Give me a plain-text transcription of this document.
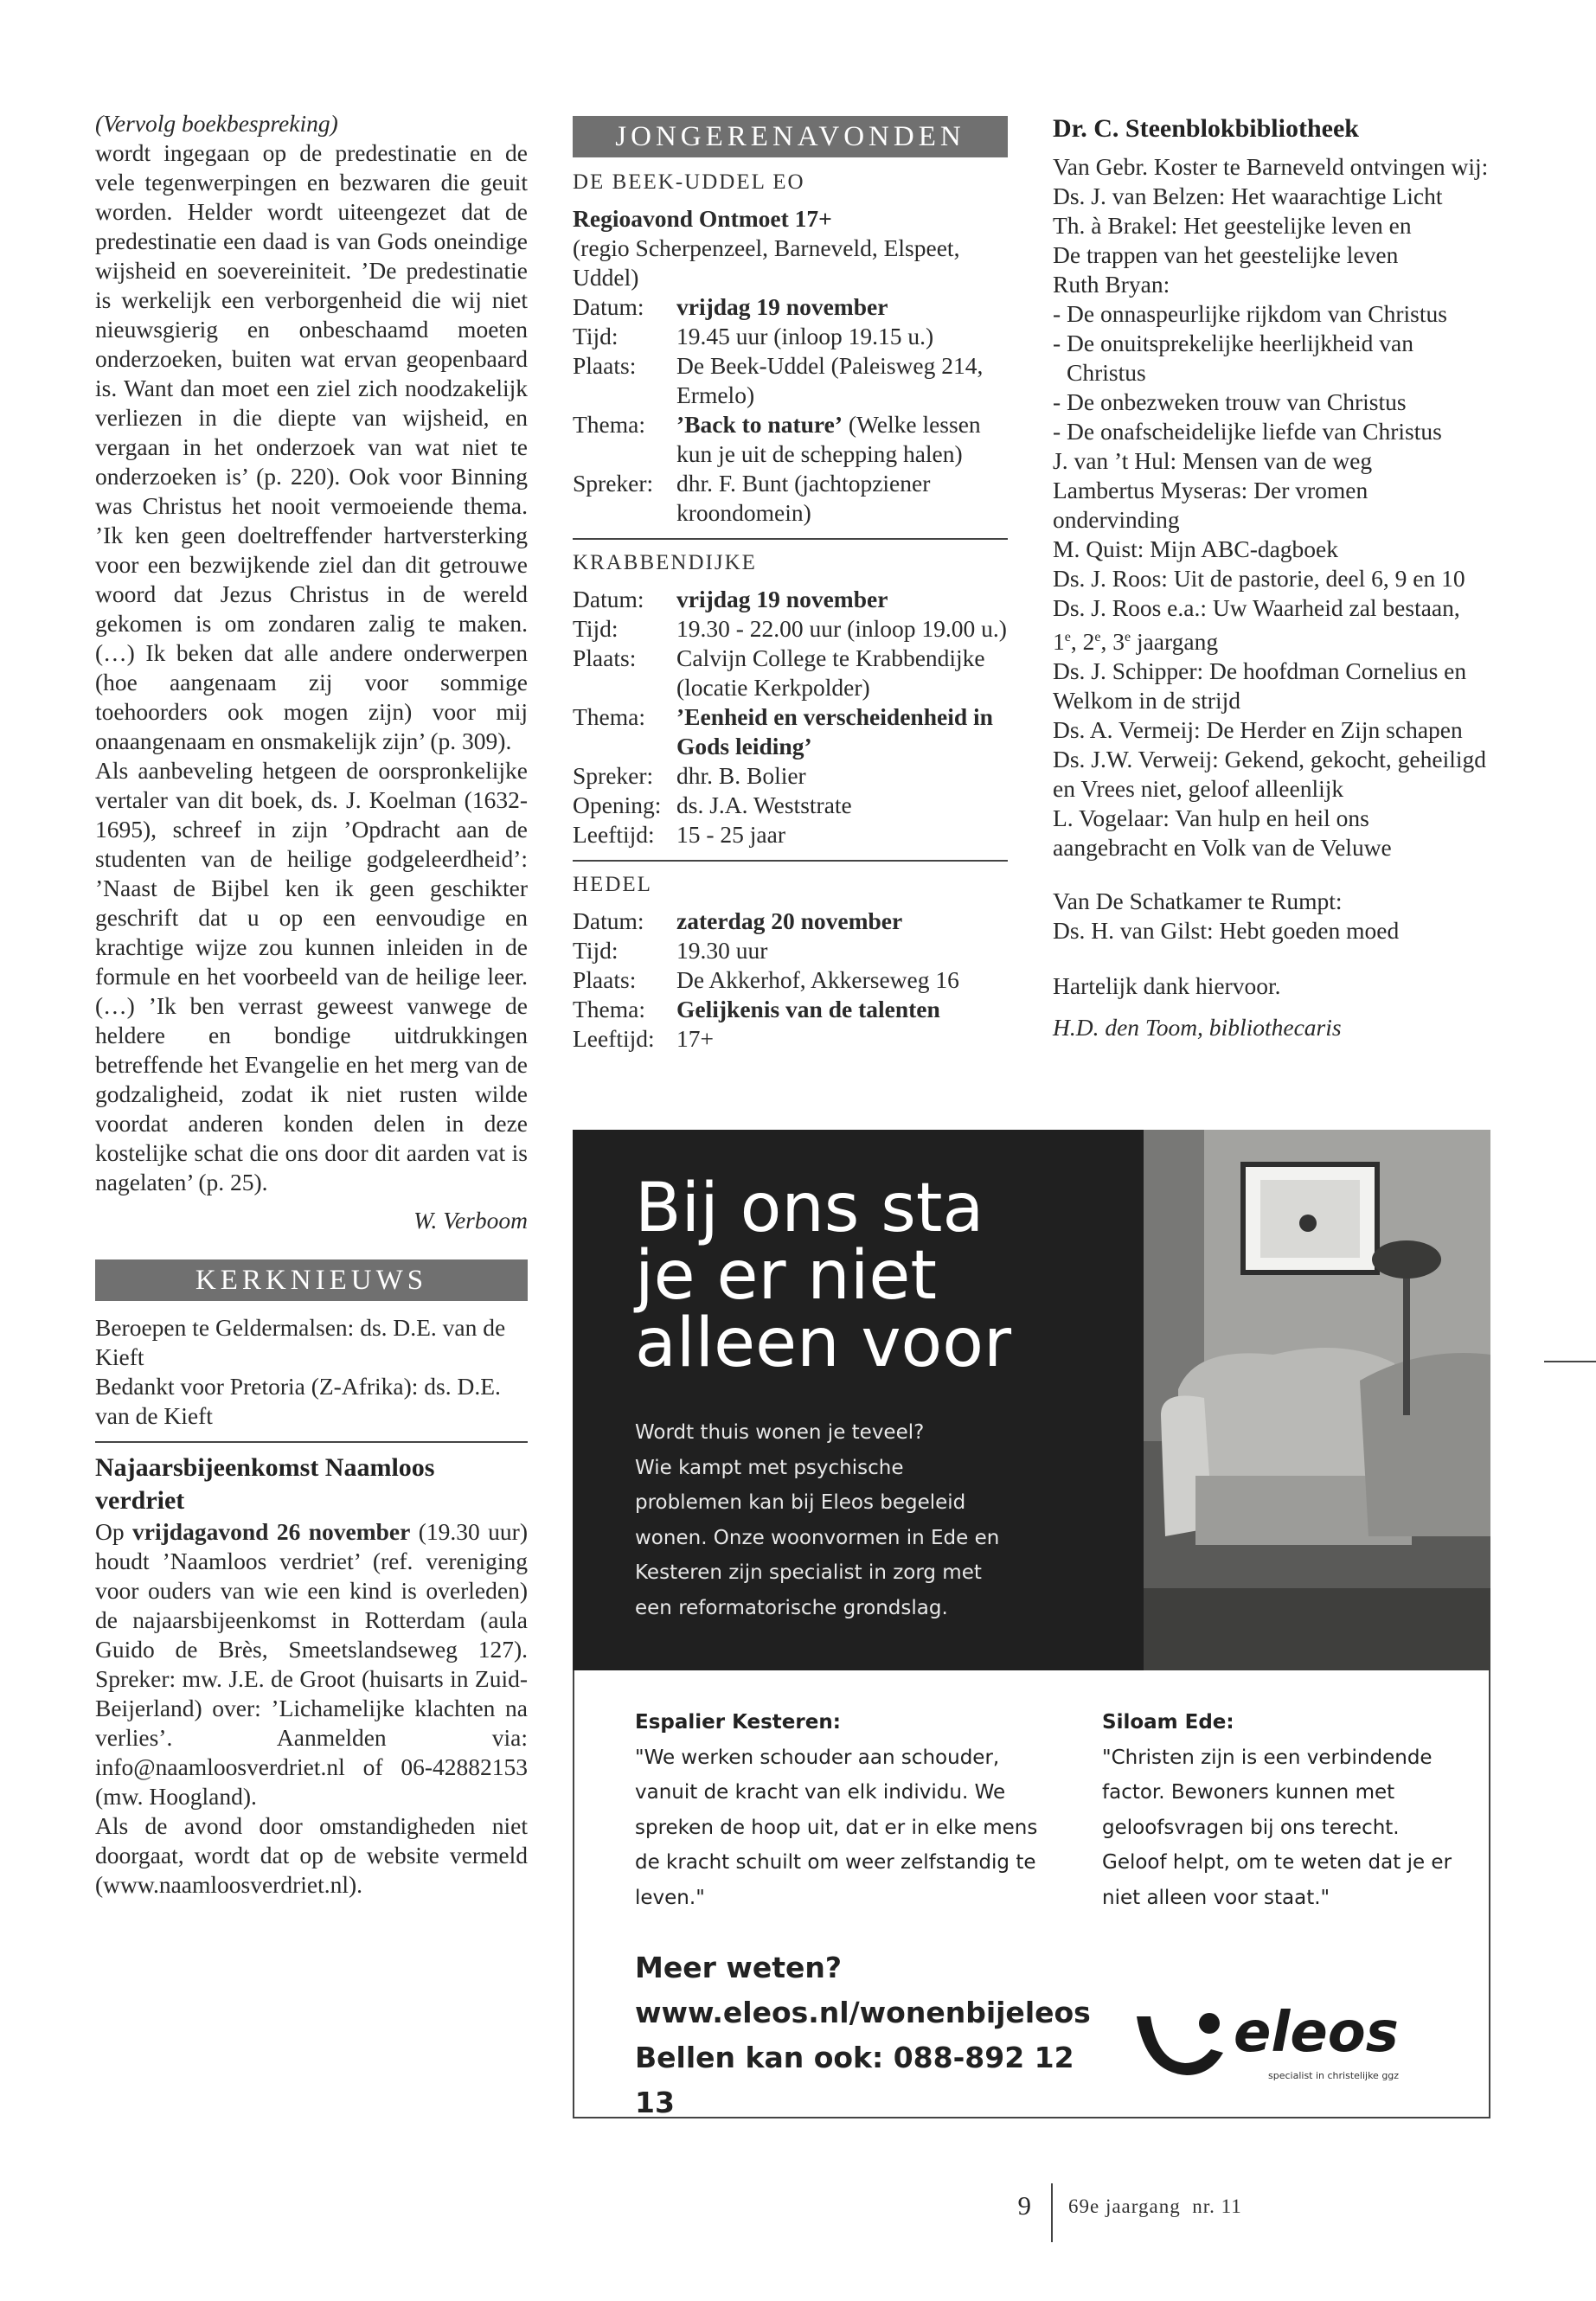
(Vervolg boekbespreking)
wordt ingegaan op de predestinatie en de vele tegenwerpingen en bezwaren die geuit worden. Helder wordt uiteengezet dat de predestinatie een daad is van Gods oneindige wijsheid en soevereiniteit. ’De predestinatie is werkelijk een verborgenheid die wij niet nieuwsgierig en onbeschaamd moeten onderzoeken, buiten wat ervan geopenbaard is. Want dan moet een ziel zich noodzakelijk verliezen in die diepte van wijsheid, en vergaan in het onderzoek van wat niet te onderzoeken is’ (p. 220). Ook voor Binning was Christus het nooit vermoeiende thema. ’Ik ken geen doeltreffender hartversterking voor een bezwijkende ziel dan dit getrouwe woord dat Jezus Christus in de wereld gekomen is om zondaren zalig te maken. (…) Ik beken dat alle andere onderwerpen (hoe aangenaam zij voor sommige toehoorders ook mogen zijn) voor mij onaangenaam en onsmakelijk zijn’ (p. 309).
Als aanbeveling hetgeen de oorspronkelijke vertaler van dit boek, ds. J. Koelman (1632-1695), schreef in zijn ’Opdracht aan de studenten van de heilige godgeleerdheid’: ’Naast de Bijbel ken ik geen geschikter geschrift dat u op een eenvoudige en krachtige wijze zou kunnen inleiden in de formule en het voorbeeld van de heilige leer. (…) ’Ik ben verrast geweest vanwege de heldere en bondige uitdrukkingen betreffende het Evangelie en het merg van de godzaligheid, zodat ik niet rusten wilde voordat anderen konden delen in deze kostelijke schat die ons door dit aarden vat is nagelaten’ (p. 25).
W. Verboom
KERKNIEUWS
Beroepen te Geldermalsen: ds. D.E. van de Kieft
Bedankt voor Pretoria (Z-Afrika): ds. D.E. van de Kieft
Najaarsbijeenkomst Naamloos verdriet
Op vrijdagavond 26 november (19.30 uur) houdt ’Naamloos verdriet’ (ref. vereniging voor ouders van wie een kind is overleden) de najaarsbijeenkomst in Rotterdam (aula Guido de Brès, Smeetslandseweg 127). Spreker: mw. J.E. de Groot (huisarts in Zuid-Beijerland) over: ’Lichamelijke klachten na verlies’. Aanmelden via: info@naamloosverdriet.nl of 06-42882153 (mw. Hoogland).
Als de avond door omstandigheden niet doorgaat, wordt dat op de website vermeld (www.naamloosverdriet.nl).
JONGERENAVONDEN
DE BEEK-UDDEL EO
Regioavond Ontmoet 17+
(regio Scherpenzeel, Barneveld, Elspeet, Uddel)
Datum:	vrijdag 19 november
Tijd:	19.45 uur (inloop 19.15 u.)
Plaats:	De Beek-Uddel (Paleisweg 214, Ermelo)
Thema:	’Back to nature’ (Welke lessen kun je uit de schepping halen)
Spreker: dhr. F. Bunt (jachtopziener kroondomein)
KRABBENDIJKE
Datum:	vrijdag 19 november
Tijd:	19.30 - 22.00 uur (inloop 19.00 u.)
Plaats:	Calvijn College te Krabbendijke (locatie Kerkpolder)
Thema:	’Eenheid en verscheidenheid in Gods leiding’
Spreker: dhr. B. Bolier
Opening: ds. J.A. Weststrate
Leeftijd: 15 - 25 jaar
HEDEL
Datum:	zaterdag 20 november
Tijd:	19.30 uur
Plaats:	De Akkerhof, Akkerseweg 16
Thema:	Gelijkenis van de talenten
Leeftijd: 17+
Dr. C. Steenblokbibliotheek
Van Gebr. Koster te Barneveld ontvingen wij:
Ds. J. van Belzen: Het waarachtige Licht
Th. à Brakel: Het geestelijke leven en
De trappen van het geestelijke leven
Ruth Bryan:
- De onnaspeurlijke rijkdom van Christus
- De onuitsprekelijke heerlijkheid van Christus
- De onbezweken trouw van Christus
- De onafscheidelijke liefde van Christus
J. van ’t Hul: Mensen van de weg
Lambertus Myseras: Der vromen ondervinding
M. Quist: Mijn ABC-dagboek
Ds. J. Roos: Uit de pastorie, deel 6, 9 en 10
Ds. J. Roos e.a.: Uw Waarheid zal bestaan,
1e, 2e, 3e jaargang
Ds. J. Schipper: De hoofdman Cornelius en Welkom in de strijd
Ds. A. Vermeij: De Herder en Zijn schapen
Ds. J.W. Verweij: Gekend, gekocht, geheiligd en Vrees niet, geloof alleenlijk
L. Vogelaar: Van hulp en heil ons aangebracht en Volk van de Veluwe
Van De Schatkamer te Rumpt:
Ds. H. van Gilst: Hebt goeden moed
Hartelijk dank hiervoor.
H.D. den Toom, bibliothecaris
Bij ons sta
je er niet
alleen voor
Wordt thuis wonen je teveel?
Wie kampt met psychische
problemen kan bij Eleos begeleid
wonen. Onze woonvormen in Ede en
Kesteren zijn specialist in zorg met
een reformatorische grondslag.
Espalier Kesteren:
"We werken schouder aan schouder, vanuit de kracht van elk individu. We spreken de hoop uit, dat er in elke mens de kracht schuilt om weer zelfstandig te leven."
Siloam Ede:
"Christen zijn is een verbindende factor. Bewoners kunnen met geloofsvragen bij ons terecht. Geloof helpt, om te weten dat je er niet alleen voor staat."
Meer weten?
www.eleos.nl/wonenbijeleos
Bellen kan ook: 088-892 12 13
eleos
specialist in christelijke ggz
9 69e jaargang  nr. 11
